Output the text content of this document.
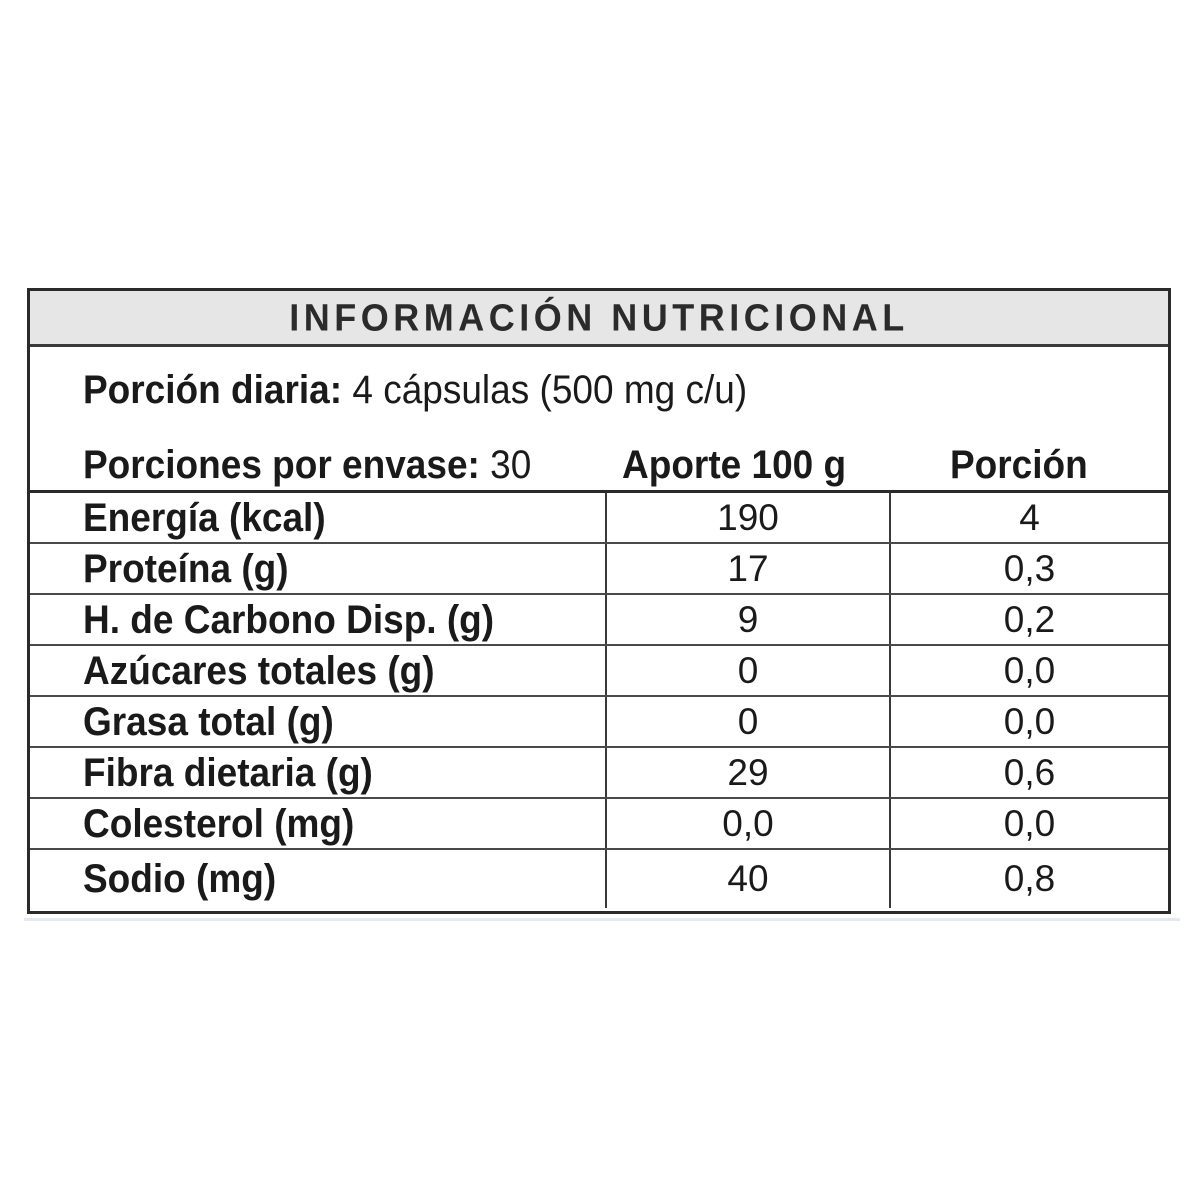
INFORMACIÓN NUTRICIONAL
Porción diaria: 4 cápsulas (500 mg c/u)
Porciones por envase: 30 Aporte 100 g	Porción
Energía (kcal)	190	4
Proteína (g)	17	0,3
H. de Carbono Disp. (g)	9	0,2
Azúcares totales (g)	0	0,0
Grasa total (g)	0	0,0
Fibra dietaria (g)	29	0,6
Colesterol (mg)	0,0	0,0
Sodio (mg)	40	0,8
